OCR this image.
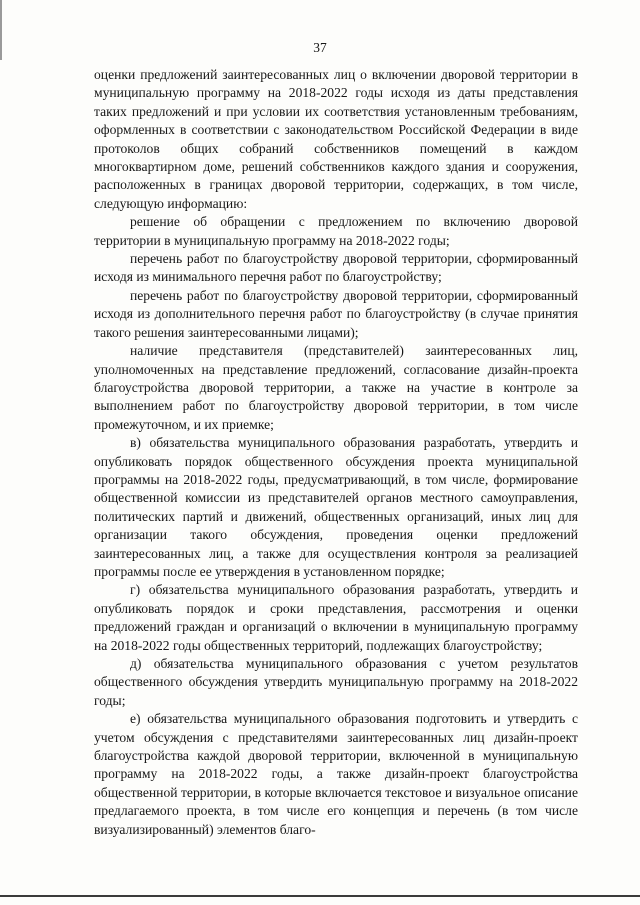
37

оценки предложений заинтересованных лиц о включении дворовой территории в муниципальную программу на 2018-2022 годы исходя из даты представления таких предложений и при условии их соответствия установленным требованиям, оформленных в соответствии с законодательством Российской Федерации в виде протоколов общих собраний собственников помещений в каждом многоквартирном доме, решений собственников каждого здания и сооружения, расположенных в границах дворовой территории, содержащих, в том числе, следующую информацию:

решение об обращении с предложением по включению дворовой территории в муниципальную программу на 2018-2022 годы;

перечень работ по благоустройству дворовой территории, сформированный исходя из минимального перечня работ по благоустройству;

перечень работ по благоустройству дворовой территории, сформированный исходя из дополнительного перечня работ по благоустройству (в случае принятия такого решения заинтересованными лицами);

наличие представителя (представителей) заинтересованных лиц, уполномоченных на представление предложений, согласование дизайн-проекта благоустройства дворовой территории, а также на участие в контроле за выполнением работ по благоустройству дворовой территории, в том числе промежуточном, и их приемке;

в) обязательства муниципального образования разработать, утвердить и опубликовать порядок общественного обсуждения проекта муниципальной программы на 2018-2022 годы, предусматривающий, в том числе, формирование общественной комиссии из представителей органов местного самоуправления, политических партий и движений, общественных организаций, иных лиц для организации такого обсуждения, проведения оценки предложений заинтересованных лиц, а также для осуществления контроля за реализацией программы после ее утверждения в установленном порядке;

г) обязательства муниципального образования разработать, утвердить и опубликовать порядок и сроки представления, рассмотрения и оценки предложений граждан и организаций о включении в муниципальную программу на 2018-2022 годы общественных территорий, подлежащих благоустройству;

д) обязательства муниципального образования с учетом результатов общественного обсуждения утвердить муниципальную программу на 2018-2022 годы;

е) обязательства муниципального образования подготовить и утвердить с учетом обсуждения с представителями заинтересованных лиц дизайн-проект благоустройства каждой дворовой территории, включенной в муниципальную программу на 2018-2022 годы, а также дизайн-проект благоустройства общественной территории, в которые включается текстовое и визуальное описание предлагаемого проекта, в том числе его концепция и перечень (в том числе визуализированный) элементов благо-
